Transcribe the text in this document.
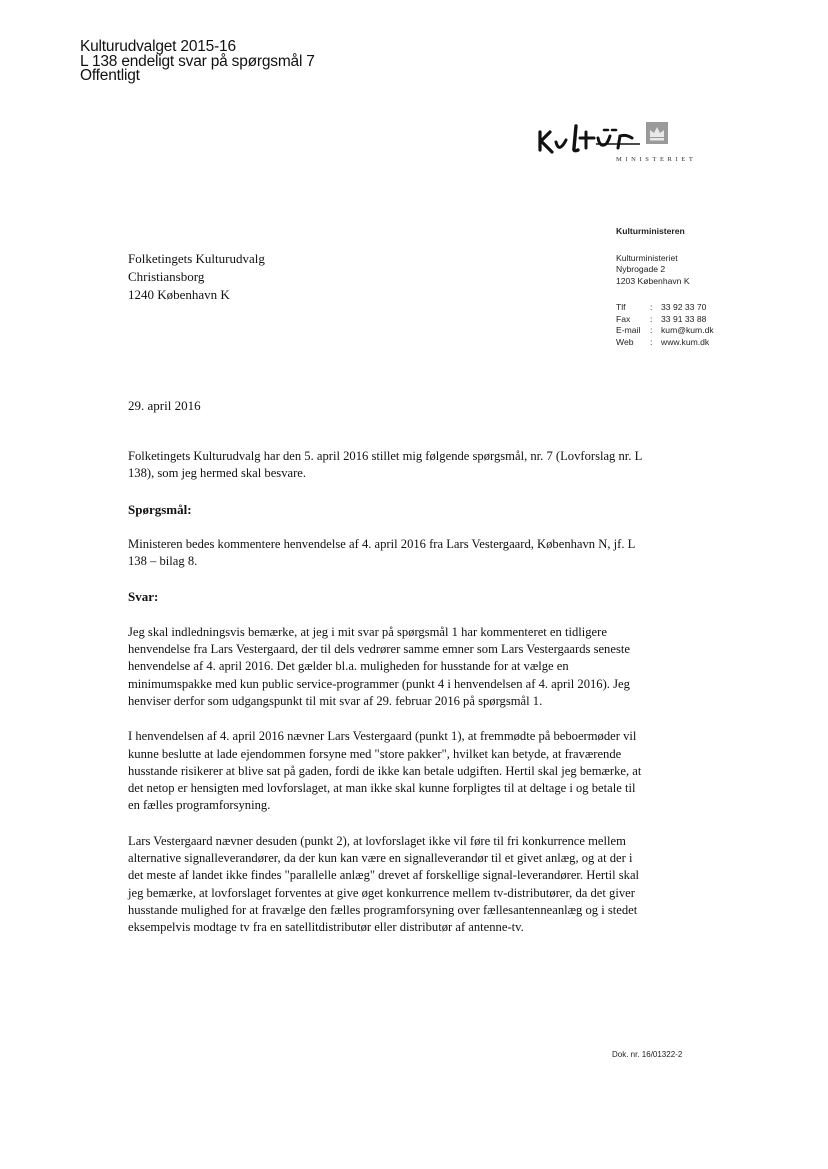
Kulturudvalget 2015-16
L 138 endeligt svar på spørgsmål 7
Offentligt
MINISTERIET
Folketingets Kulturudvalg
Christiansborg
1240 København K
Kulturministeren
Kulturministeriet
Nybrogade 2
1203 København K
Tlf	:	33 92 33 70
Fax	:	33 91 33 88
E-mail	:	kum@kum.dk
Web	:	www.kum.dk
29. april 2016

Folketingets Kulturudvalg har den 5. april 2016 stillet mig følgende spørgsmål, nr. 7 (Lovforslag nr. L 138), som jeg hermed skal besvare.

Spørgsmål:

Ministeren bedes kommentere henvendelse af 4. april 2016 fra Lars Vestergaard, København N, jf. L 138 – bilag 8.

Svar:

Jeg skal indledningsvis bemærke, at jeg i mit svar på spørgsmål 1 har kommenteret en tidligere henvendelse fra Lars Vestergaard, der til dels vedrører samme emner som Lars Vestergaards seneste henvendelse af 4. april 2016. Det gælder bl.a. muligheden for husstande for at vælge en minimumspakke med kun public service-programmer (punkt 4 i henvendelsen af 4. april 2016). Jeg henviser derfor som udgangspunkt til mit svar af 29. februar 2016 på spørgsmål 1.

I henvendelsen af 4. april 2016 nævner Lars Vestergaard (punkt 1), at fremmødte på beboermøder vil kunne beslutte at lade ejendommen forsyne med "store pakker", hvilket kan betyde, at fraværende husstande risikerer at blive sat på gaden, fordi de ikke kan betale udgiften. Hertil skal jeg bemærke, at det netop er hensigten med lovforslaget, at man ikke skal kunne forpligtes til at deltage i og betale til en fælles programforsyning.

Lars Vestergaard nævner desuden (punkt 2), at lovforslaget ikke vil føre til fri konkurrence mellem alternative signalleverandører, da der kun kan være en signalleverandør til et givet anlæg, og at der i det meste af landet ikke findes "parallelle anlæg" drevet af forskellige signal-leverandører. Hertil skal jeg bemærke, at lovforslaget forventes at give øget konkurrence mellem tv-distributører, da det giver husstande mulighed for at fravælge den fælles programforsyning over fællesantenneanlæg og i stedet eksempelvis modtage tv fra en satellitdistributør eller distributør af antenne-tv.

Dok. nr. 16/01322-2
